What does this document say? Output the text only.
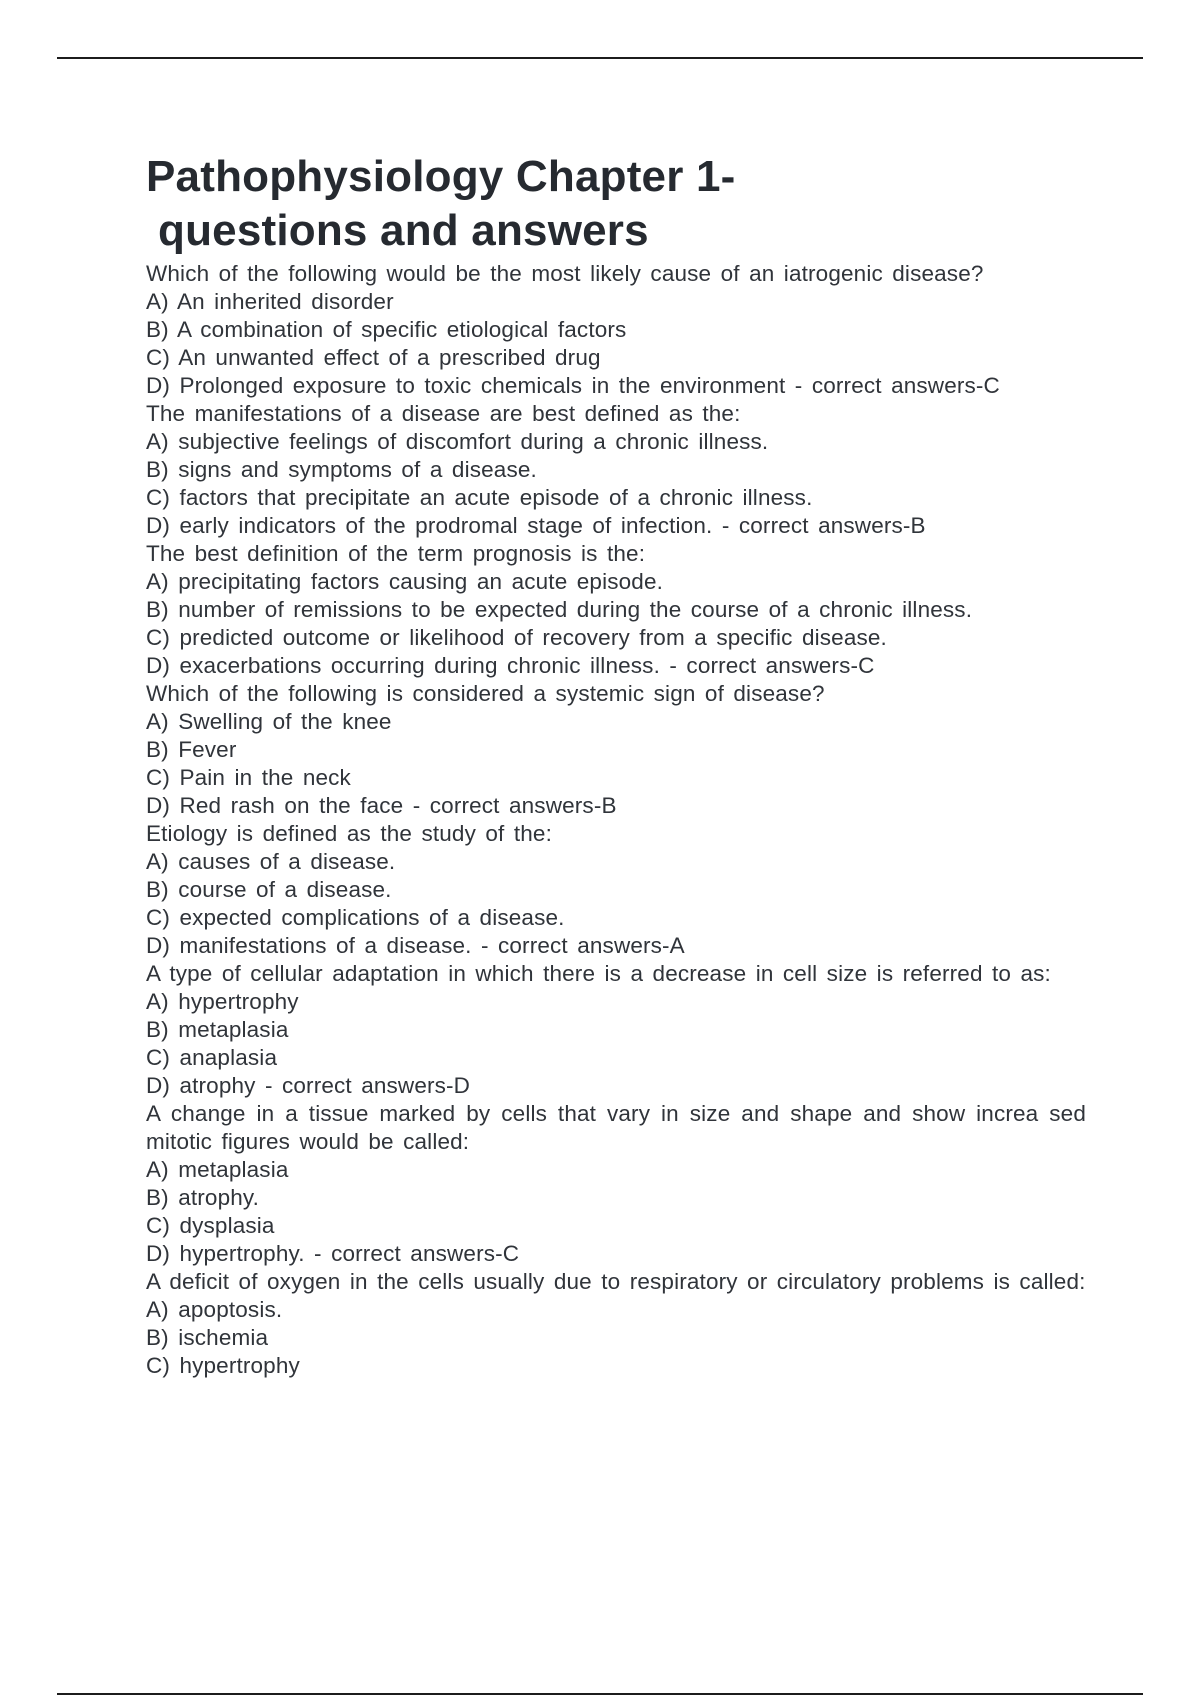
Pathophysiology Chapter 1-
questions and answers
Which of the following would be the most likely cause of an iatrogenic disease?
A) An inherited disorder
B) A combination of specific etiological factors
C) An unwanted effect of a prescribed drug
D) Prolonged exposure to toxic chemicals in the environment - correct answers-C
The manifestations of a disease are best defined as the:
A) subjective feelings of discomfort during a chronic illness.
B) signs and symptoms of a disease.
C) factors that precipitate an acute episode of a chronic illness.
D) early indicators of the prodromal stage of infection. - correct answers-B
The best definition of the term prognosis is the:
A) precipitating factors causing an acute episode.
B) number of remissions to be expected during the course of a chronic illness.
C) predicted outcome or likelihood of recovery from a specific disease.
D) exacerbations occurring during chronic illness. - correct answers-C
Which of the following is considered a systemic sign of disease?
A) Swelling of the knee
B) Fever
C) Pain in the neck
D) Red rash on the face - correct answers-B
Etiology is defined as the study of the:
A) causes of a disease.
B) course of a disease.
C) expected complications of a disease.
D) manifestations of a disease. - correct answers-A
A type of cellular adaptation in which there is a decrease in cell size is referred to as:
A) hypertrophy
B) metaplasia
C) anaplasia
D) atrophy - correct answers-D
A change in a tissue marked by cells that vary in size and shape and show increa sed mitotic figures would be called:
A) metaplasia
B) atrophy.
C) dysplasia
D) hypertrophy. - correct answers-C
A deficit of oxygen in the cells usually due to respiratory or circulatory problems is called:
A) apoptosis.
B) ischemia
C) hypertrophy
